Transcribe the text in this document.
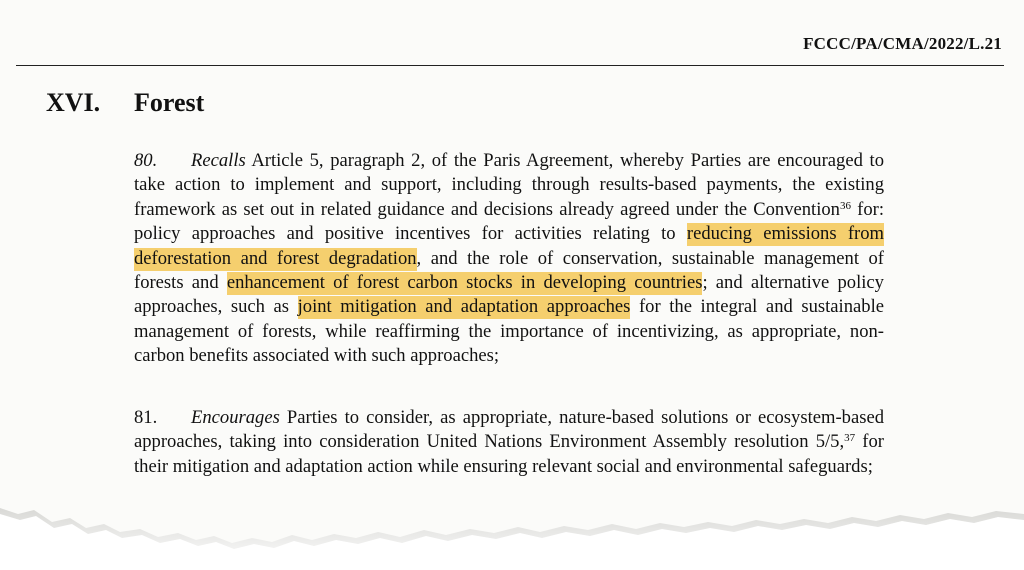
FCCC/PA/CMA/2022/L.21
XVI. Forest

80. Recalls Article 5, paragraph 2, of the Paris Agreement, whereby Parties are encouraged to take action to implement and support, including through results-based payments, the existing framework as set out in related guidance and decisions already agreed under the Convention$^{36}$ for: policy approaches and positive incentives for activities relating to reducing emissions from deforestation and forest degradation, and the role of conservation, sustainable management of forests and enhancement of forest carbon stocks in developing countries; and alternative policy approaches, such as joint mitigation and adaptation approaches for the integral and sustainable management of forests, while reaffirming the importance of incentivizing, as appropriate, non-carbon benefits associated with such approaches;

81. Encourages Parties to consider, as appropriate, nature-based solutions or ecosystem-based approaches, taking into consideration United Nations Environment Assembly resolution 5/5,37 for their mitigation and adaptation action while ensuring relevant social and environmental safeguards;
